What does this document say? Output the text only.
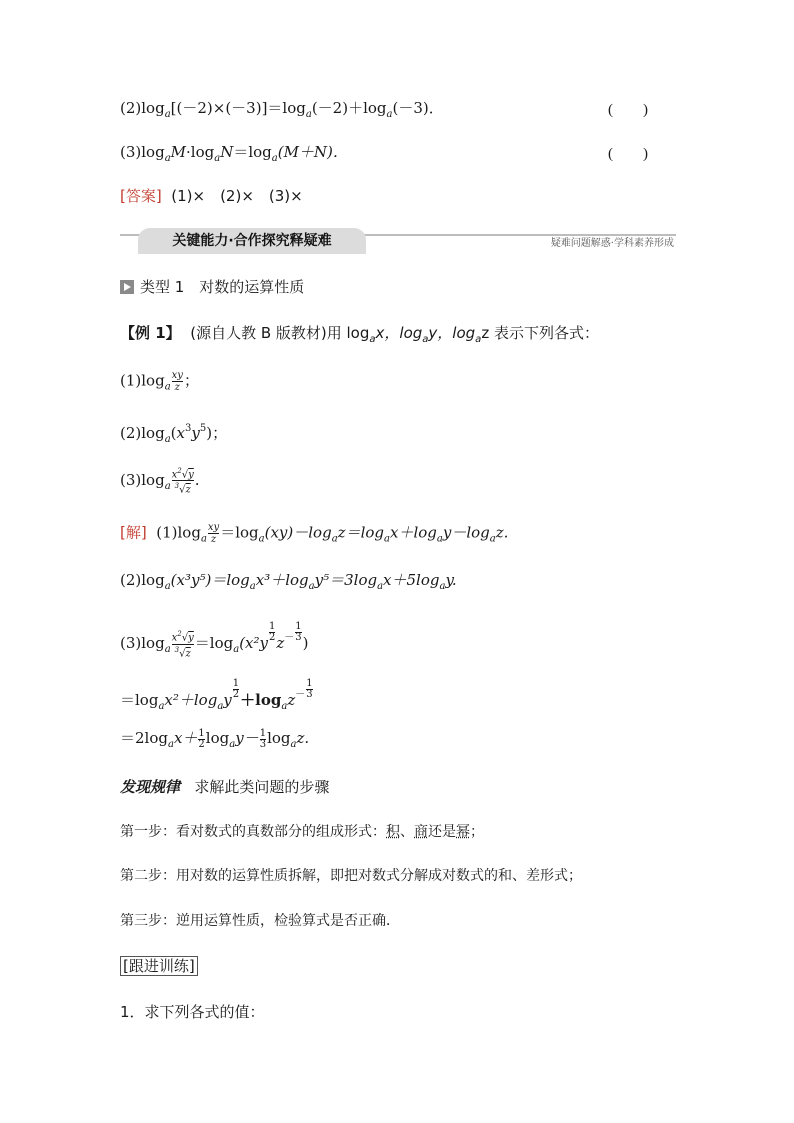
$(2)\log_a[(-2)\times(-3)]=\log_a(-2)+\log_a(-3)$．	(　　)
$(3)\log_aM\cdot\log_aN=\log_a(M+N)$．	(　　)
[答案] (1)×　(2)×　(3)×
关键能力·合作探究释疑难	疑难问题解惑·学科素养形成
类型 1　对数的运算性质
【例 1】 (源自人教 B 版教材)用 $\log_ax$，$\log_ay$，$\log_az$ 表示下列各式：
$(1)\log_a \frac{xy}{z}$ ；
$(2)\log_a(x^3y^5)$；
$(3)\log_a \frac{x^2√y}{^3√z}$ .
[解] $(1)\log_a \frac{xy}{z} =\log_a(xy)-\log_az=\log_ax+\log_ay-\log_az$.
$(2)\log_a(x^3y^5)=\log_ax^3+\log_ay^5=3\log_ax+5\log_ay$.
$(3)\log_a \frac{x^2√y}{^3√z} =\log_a(x^2y \frac{1}{2} z^- \frac{1}{3}$ )
$=\log_ax^2+\log_ay \frac{1}{2} +\log_az^- \frac{1}{3}$
$=2\log_ax+ \frac{1}{2} \log_ay- \frac{1}{3} \log_az$.
发现规律 求解此类问题的步骤
第一步：看对数式的真数部分的组成形式：积、商还是幂；
第二步：用对数的运算性质拆解，即把对数式分解成对数式的和、差形式；
第三步：逆用运算性质，检验算式是否正确．
[跟进训练]
1．求下列各式的值：
